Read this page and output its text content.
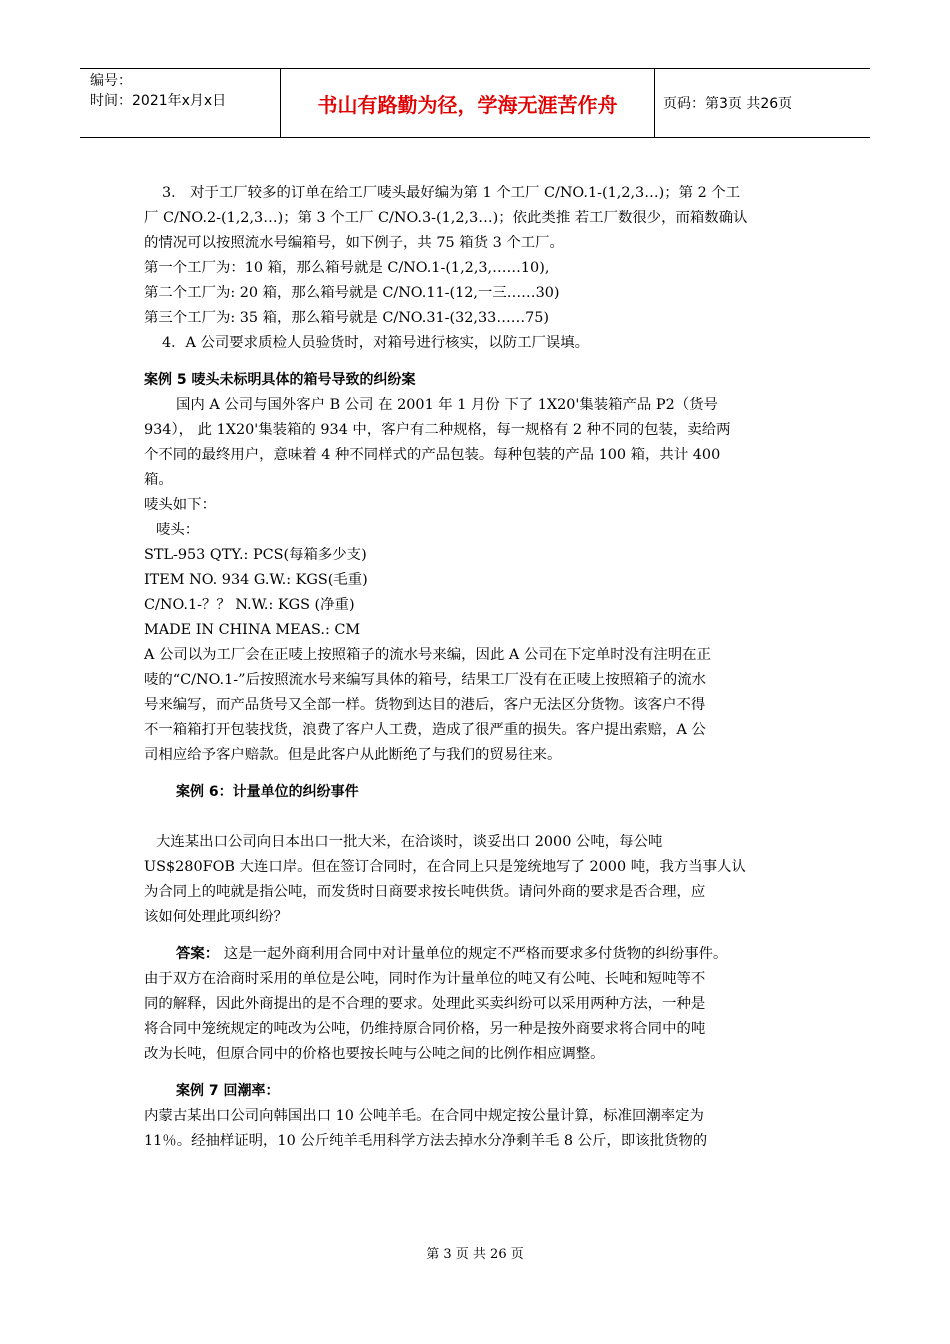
编号：
时间：2021年x月x日	书山有路勤为径，学海无涯苦作舟	页码：第3页 共26页

3． 对于工厂较多的订单在给工厂唛头最好编为第 1 个工厂 C/NO.1-(1,2,3…)；第 2 个工

厂 C/NO.2-(1,2,3…)；第 3 个工厂 C/NO.3-(1,2,3…)；依此类推 若工厂数很少，而箱数确认

的情况可以按照流水号编箱号，如下例子，共 75 箱货 3 个工厂。

第一个工厂为：10 箱，那么箱号就是 C/NO.1-(1,2,3,……10),

第二个工厂为: 20 箱，那么箱号就是 C/NO.11-(12,一三……30)

第三个工厂为: 35 箱，那么箱号就是 C/NO.31-(32,33……75)

4．A 公司要求质检人员验货时，对箱号进行核实，以防工厂误填。

案例 5 唛头未标明具体的箱号导致的纠纷案

国内 A 公司与国外客户 B 公司 在 2001 年 1 月份 下了 1X20'集装箱产品 P2（货号

934）， 此 1X20'集装箱的 934 中，客户有二种规格，每一规格有 2 种不同的包装，卖给两

个不同的最终用户，意味着 4 种不同样式的产品包装。每种包装的产品 100 箱，共计 400

箱。

唛头如下：

唛头：

STL-953 QTY.: PCS(每箱多少支)

ITEM NO. 934 G.W.: KGS(毛重)

C/NO.1-？？ N.W.: KGS (净重)

MADE IN CHINA MEAS.: CM

A 公司以为工厂会在正唛上按照箱子的流水号来编，因此 A 公司在下定单时没有注明在正

唛的“C/NO.1-”后按照流水号来编写具体的箱号，结果工厂没有在正唛上按照箱子的流水

号来编写，而产品货号又全部一样。货物到达目的港后，客户无法区分货物。该客户不得

不一箱箱打开包装找货，浪费了客户人工费，造成了很严重的损失。客户提出索赔，A 公

司相应给予客户赔款。但是此客户从此断绝了与我们的贸易往来。

案例 6：计量单位的纠纷事件

大连某出口公司向日本出口一批大米，在洽谈时，谈妥出口 2000 公吨，每公吨

US$280FOB 大连口岸。但在签订合同时，在合同上只是笼统地写了 2000 吨，我方当事人认

为合同上的吨就是指公吨，而发货时日商要求按长吨供货。请问外商的要求是否合理，应

该如何处理此项纠纷？

答案： 这是一起外商利用合同中对计量单位的规定不严格而要求多付货物的纠纷事件。

由于双方在洽商时采用的单位是公吨，同时作为计量单位的吨又有公吨、长吨和短吨等不

同的解释，因此外商提出的是不合理的要求。处理此买卖纠纷可以采用两种方法，一种是

将合同中笼统规定的吨改为公吨，仍维持原合同价格，另一种是按外商要求将合同中的吨

改为长吨，但原合同中的价格也要按长吨与公吨之间的比例作相应调整。

案例 7 回潮率：

内蒙古某出口公司向韩国出口 10 公吨羊毛。在合同中规定按公量计算，标准回潮率定为

11％。经抽样证明，10 公斤纯羊毛用科学方法去掉水分净剩羊毛 8 公斤，即该批货物的

第 3 页 共 26 页
